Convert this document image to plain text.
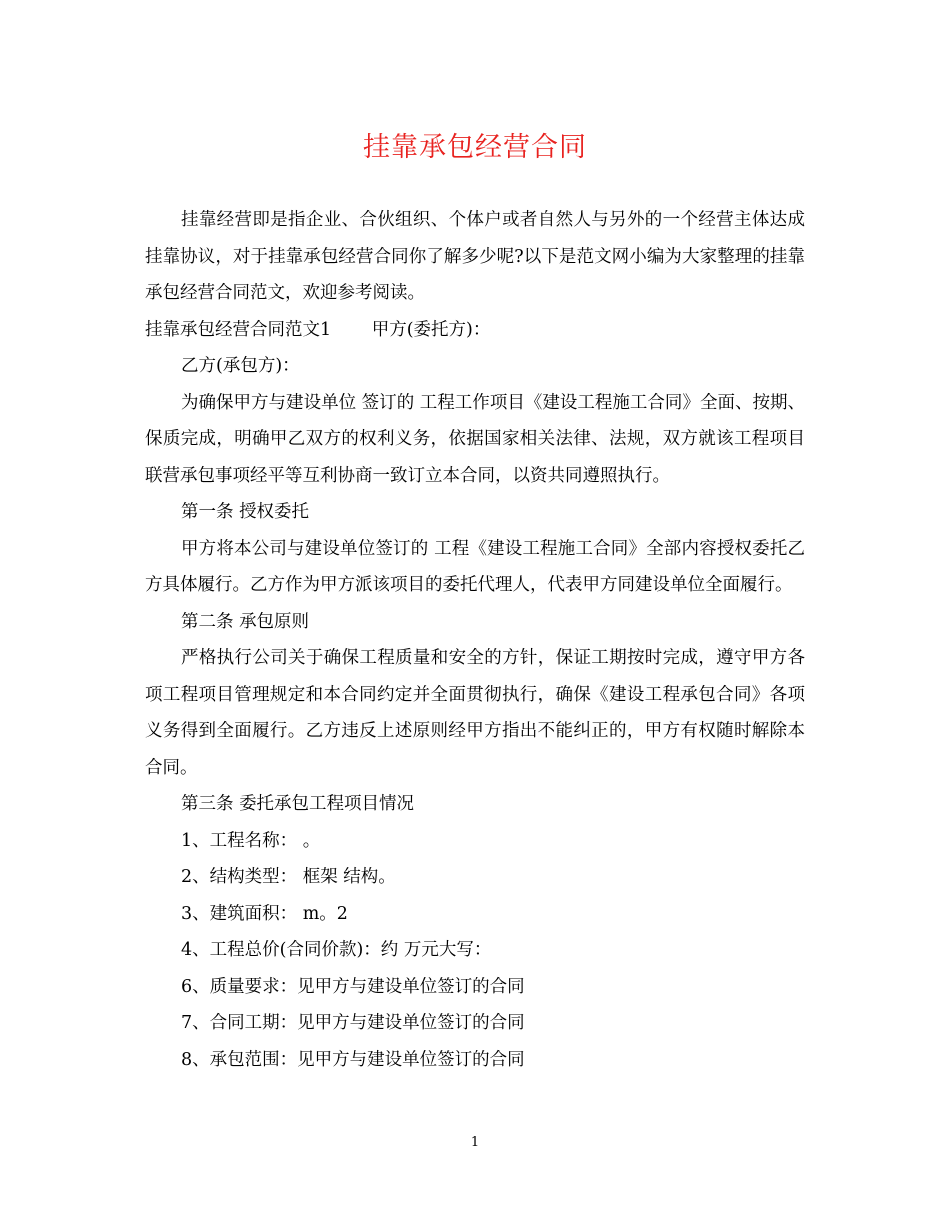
挂靠承包经营合同

挂靠经营即是指企业、合伙组织、个体户或者自然人与另外的一个经营主体达成挂靠协议，对于挂靠承包经营合同你了解多少呢?以下是范文网小编为大家整理的挂靠承包经营合同范文，欢迎参考阅读。

挂靠承包经营合同范文1　　 甲方(委托方)：

乙方(承包方)：

为确保甲方与建设单位 签订的 工程工作项目《建设工程施工合同》全面、按期、保质完成，明确甲乙双方的权利义务，依据国家相关法律、法规，双方就该工程项目联营承包事项经平等互利协商一致订立本合同，以资共同遵照执行。

第一条 授权委托

甲方将本公司与建设单位签订的 工程《建设工程施工合同》全部内容授权委托乙方具体履行。乙方作为甲方派该项目的委托代理人，代表甲方同建设单位全面履行。

第二条 承包原则

严格执行公司关于确保工程质量和安全的方针，保证工期按时完成，遵守甲方各项工程项目管理规定和本合同约定并全面贯彻执行，确保《建设工程承包合同》各项义务得到全面履行。乙方违反上述原则经甲方指出不能纠正的，甲方有权随时解除本合同。

第三条 委托承包工程项目情况

1、工程名称： 。

2、结构类型： 框架 结构。

3、建筑面积： m。2

4、工程总价(合同价款)：约 万元大写：

6、质量要求：见甲方与建设单位签订的合同

7、合同工期：见甲方与建设单位签订的合同

8、承包范围：见甲方与建设单位签订的合同

1
